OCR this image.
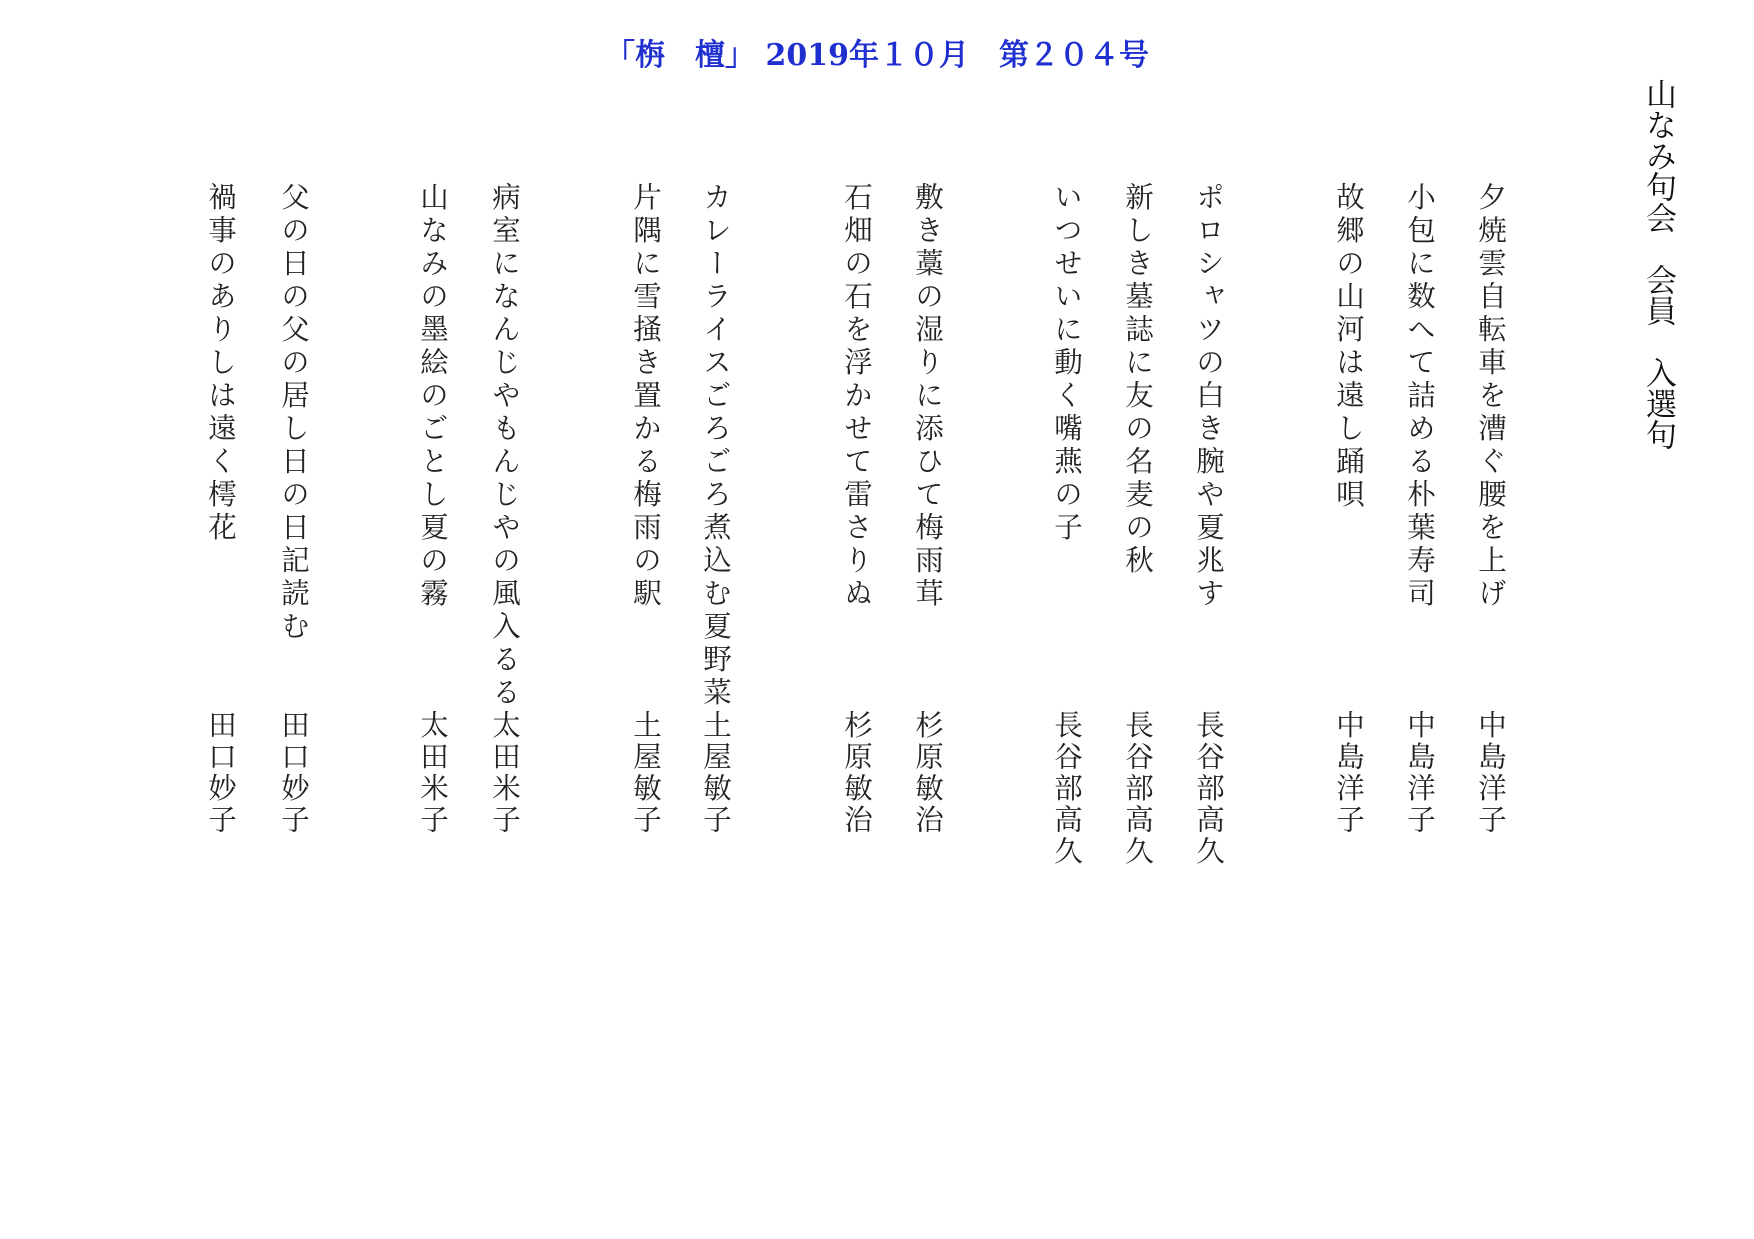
「栴　檀」 2019年１０月　第２０４号
山なみ句会　会員　入選句
夕焼雲自転車を漕ぐ腰を上げ
中島洋子
小包に数へて詰める朴葉寿司
中島洋子
故郷の山河は遠し踊唄
中島洋子
ポロシャツの白き腕や夏兆す
長谷部高久
新しき墓誌に友の名麦の秋
長谷部高久
いつせいに動く嘴燕の子
長谷部高久
敷き藁の湿りに添ひて梅雨茸
杉原敏治
石畑の石を浮かせて雷さりぬ
杉原敏治
カレーライスごろごろ煮込む夏野菜
土屋敏子
片隅に雪掻き置かる梅雨の駅
土屋敏子
病室になんじやもんじやの風入るる
太田米子
山なみの墨絵のごとし夏の霧
太田米子
父の日の父の居し日の日記読む
田口妙子
禍事のありしは遠く樗花
田口妙子
